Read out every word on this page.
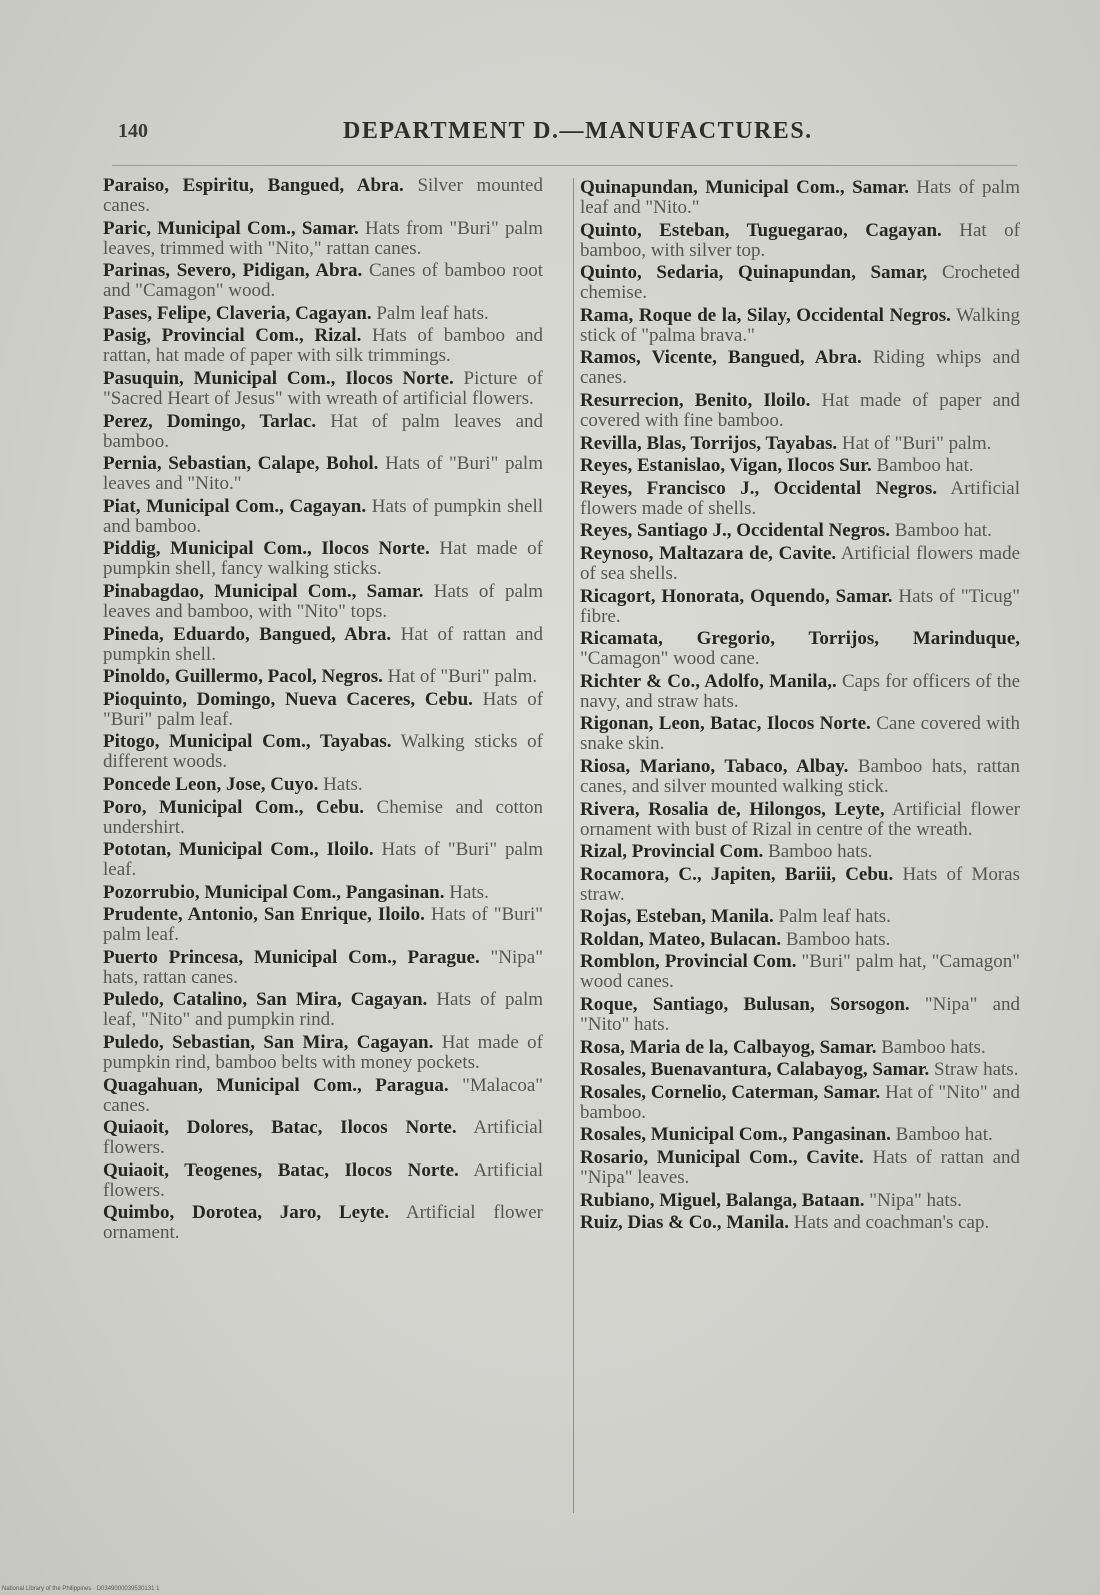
140	DEPARTMENT D.—MANUFACTURES.

Paraiso, Espiritu, Bangued, Abra. Silver mounted canes.

Paric, Municipal Com., Samar. Hats from "Buri" palm leaves, trimmed with "Nito," rattan canes.

Parinas, Severo, Pidigan, Abra. Canes of bamboo root and "Camagon" wood.

Pases, Felipe, Claveria, Cagayan. Palm leaf hats.

Pasig, Provincial Com., Rizal. Hats of bamboo and rattan, hat made of paper with silk trimmings.

Pasuquin, Municipal Com., Ilocos Norte. Picture of "Sacred Heart of Jesus" with wreath of artificial flowers.

Perez, Domingo, Tarlac. Hat of palm leaves and bamboo.

Pernia, Sebastian, Calape, Bohol. Hats of "Buri" palm leaves and "Nito."

Piat, Municipal Com., Cagayan. Hats of pumpkin shell and bamboo.

Piddig, Municipal Com., Ilocos Norte. Hat made of pumpkin shell, fancy walking sticks.

Pinabagdao, Municipal Com., Samar. Hats of palm leaves and bamboo, with "Nito" tops.

Pineda, Eduardo, Bangued, Abra. Hat of rattan and pumpkin shell.

Pinoldo, Guillermo, Pacol, Negros. Hat of "Buri" palm.

Pioquinto, Domingo, Nueva Caceres, Cebu. Hats of "Buri" palm leaf.

Pitogo, Municipal Com., Tayabas. Walking sticks of different woods.

Poncede Leon, Jose, Cuyo. Hats.

Poro, Municipal Com., Cebu. Chemise and cotton undershirt.

Pototan, Municipal Com., Iloilo. Hats of "Buri" palm leaf.

Pozorrubio, Municipal Com., Pangasinan. Hats.

Prudente, Antonio, San Enrique, Iloilo. Hats of "Buri" palm leaf.

Puerto Princesa, Municipal Com., Parague. "Nipa" hats, rattan canes.

Puledo, Catalino, San Mira, Cagayan. Hats of palm leaf, "Nito" and pumpkin rind.

Puledo, Sebastian, San Mira, Cagayan. Hat made of pumpkin rind, bamboo belts with money pockets.

Quagahuan, Municipal Com., Paragua. "Malacoa" canes.

Quiaoit, Dolores, Batac, Ilocos Norte. Artificial flowers.

Quiaoit, Teogenes, Batac, Ilocos Norte. Artificial flowers.

Quimbo, Dorotea, Jaro, Leyte. Artificial flower ornament.

Quinapundan, Municipal Com., Samar. Hats of palm leaf and "Nito."

Quinto, Esteban, Tuguegarao, Cagayan. Hat of bamboo, with silver top.

Quinto, Sedaria, Quinapundan, Samar, Crocheted chemise.

Rama, Roque de la, Silay, Occidental Negros. Walking stick of "palma brava."

Ramos, Vicente, Bangued, Abra. Riding whips and canes.

Resurrecion, Benito, Iloilo. Hat made of paper and covered with fine bamboo.

Revilla, Blas, Torrijos, Tayabas. Hat of "Buri" palm.

Reyes, Estanislao, Vigan, Ilocos Sur. Bamboo hat.

Reyes, Francisco J., Occidental Negros. Artificial flowers made of shells.

Reyes, Santiago J., Occidental Negros. Bamboo hat.

Reynoso, Maltazara de, Cavite. Artificial flowers made of sea shells.

Ricagort, Honorata, Oquendo, Samar. Hats of "Ticug" fibre.

Ricamata, Gregorio, Torrijos, Marinduque, "Camagon" wood cane.

Richter & Co., Adolfo, Manila,. Caps for officers of the navy, and straw hats.

Rigonan, Leon, Batac, Ilocos Norte. Cane covered with snake skin.

Riosa, Mariano, Tabaco, Albay. Bamboo hats, rattan canes, and silver mounted walking stick.

Rivera, Rosalia de, Hilongos, Leyte, Artificial flower ornament with bust of Rizal in centre of the wreath.

Rizal, Provincial Com. Bamboo hats.

Rocamora, C., Japiten, Bariii, Cebu. Hats of Moras straw.

Rojas, Esteban, Manila. Palm leaf hats.

Roldan, Mateo, Bulacan. Bamboo hats.

Romblon, Provincial Com. "Buri" palm hat, "Camagon" wood canes.

Roque, Santiago, Bulusan, Sorsogon. "Nipa" and "Nito" hats.

Rosa, Maria de la, Calbayog, Samar. Bamboo hats.

Rosales, Buenavantura, Calabayog, Samar. Straw hats.

Rosales, Cornelio, Caterman, Samar. Hat of "Nito" and bamboo.

Rosales, Municipal Com., Pangasinan. Bamboo hat.

Rosario, Municipal Com., Cavite. Hats of rattan and "Nipa" leaves.

Rubiano, Miguel, Balanga, Bataan. "Nipa" hats.

Ruiz, Dias & Co., Manila. Hats and coachman's cap.

National Library of the Philippines · D0349000039530131 1
